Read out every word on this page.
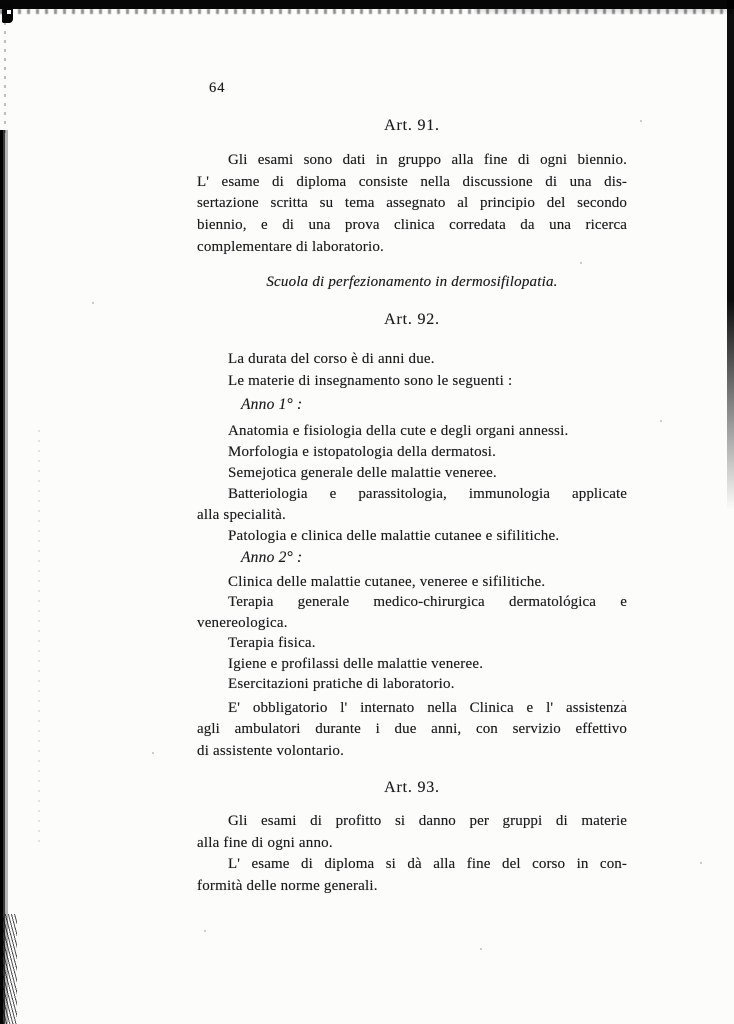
64
Art. 91.
Gli esami sono dati in gruppo alla fine di ogni biennio.
L' esame di diploma consiste nella discussione di una dis-
sertazione scritta su tema assegnato al principio del secondo
biennio, e di una prova clinica corredata da una ricerca
complementare di laboratorio.
Scuola di perfezionamento in dermosifilopatia.
Art. 92.
La durata del corso è di anni due.
Le materie di insegnamento sono le seguenti :
Anno 1° :
Anatomia e fisiologia della cute e degli organi annessi.
Morfologia e istopatologia della dermatosi.
Semejotica generale delle malattie veneree.
Batteriologia e parassitologia, immunologia applicate
alla specialità.
Patologia e clinica delle malattie cutanee e sifilitiche.
Anno 2° :
Clinica delle malattie cutanee, veneree e sifilitiche.
Terapia generale medico-chirurgica dermatológica e
venereologica.
Terapia fisica.
Igiene e profilassi delle malattie veneree.
Esercitazioni pratiche di laboratorio.
E' obbligatorio l' internato nella Clinica e l' assistenza
agli ambulatori durante i due anni, con servizio effettivo
di assistente volontario.
Art. 93.
Gli esami di profitto si danno per gruppi di materie
alla fine di ogni anno.
L' esame di diploma si dà alla fine del corso in con-
formità delle norme generali.
